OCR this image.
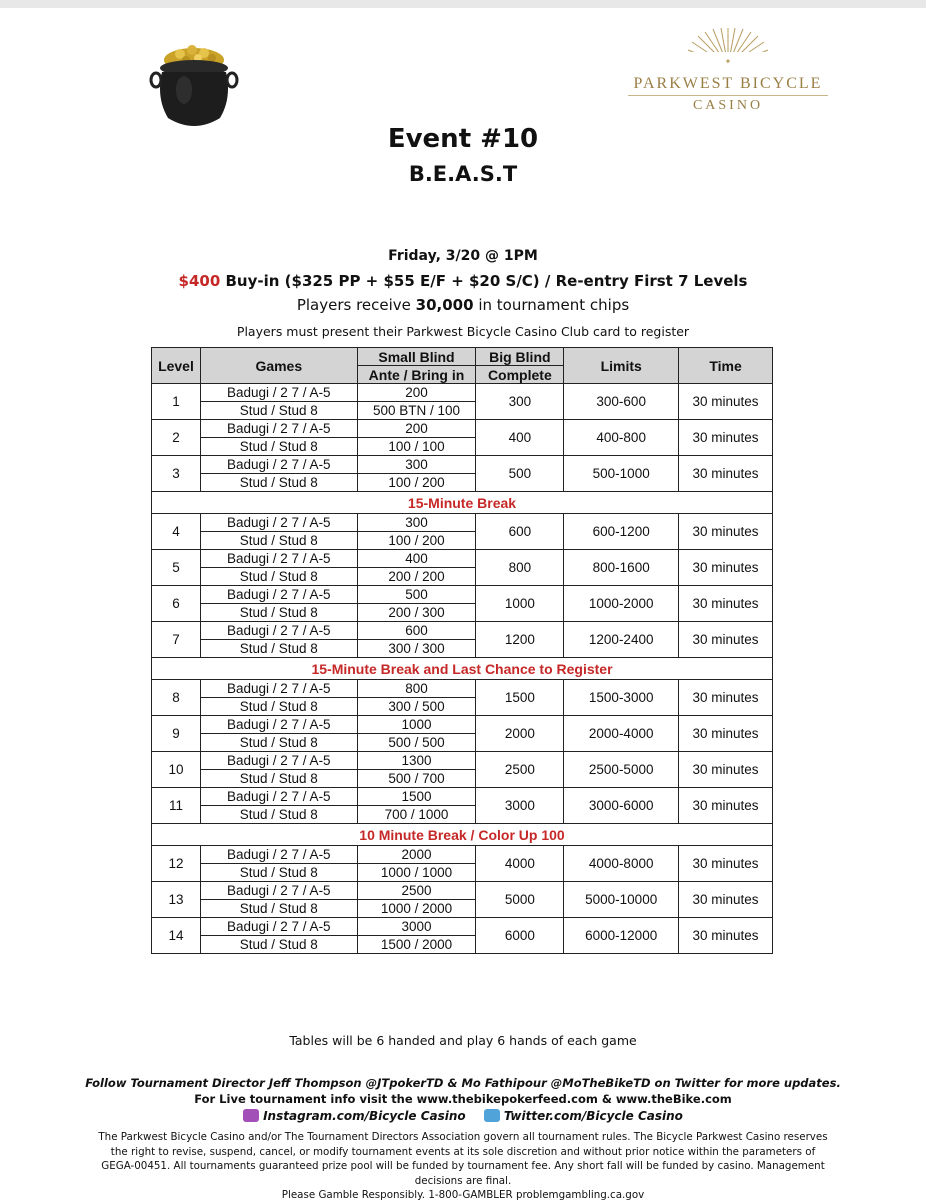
✦
PARKWEST BICYCLE
CASINO
Event #10
B.E.A.S.T
Friday, 3/20 @ 1PM
$400 Buy-in ($325 PP + $55 E/F + $20 S/C) / Re-entry First 7 Levels
Players receive 30,000 in tournament chips
Players must present their Parkwest Bicycle Casino Club card to register
Level	Games	Small Blind	Big Blind	Limits	Time
		Ante / Bring in	Complete		
1	Badugi / 2 7 / A-5	200	300	300-600	30 minutes
	Stud / Stud 8	500 BTN / 100			
2	Badugi / 2 7 / A-5	200	400	400-800	30 minutes
	Stud / Stud 8	100 / 100			
3	Badugi / 2 7 / A-5	300	500	500-1000	30 minutes
	Stud / Stud 8	100 / 200			
15-Minute Break					
4	Badugi / 2 7 / A-5	300	600	600-1200	30 minutes
	Stud / Stud 8	100 / 200			
5	Badugi / 2 7 / A-5	400	800	800-1600	30 minutes
	Stud / Stud 8	200 / 200			
6	Badugi / 2 7 / A-5	500	1000	1000-2000	30 minutes
	Stud / Stud 8	200 / 300			
7	Badugi / 2 7 / A-5	600	1200	1200-2400	30 minutes
	Stud / Stud 8	300 / 300			
15-Minute Break and Last Chance to Register					
8	Badugi / 2 7 / A-5	800	1500	1500-3000	30 minutes
	Stud / Stud 8	300 / 500			
9	Badugi / 2 7 / A-5	1000	2000	2000-4000	30 minutes
	Stud / Stud 8	500 / 500			
10	Badugi / 2 7 / A-5	1300	2500	2500-5000	30 minutes
	Stud / Stud 8	500 / 700			
11	Badugi / 2 7 / A-5	1500	3000	3000-6000	30 minutes
	Stud / Stud 8	700 / 1000			
10 Minute Break / Color Up 100					
12	Badugi / 2 7 / A-5	2000	4000	4000-8000	30 minutes
	Stud / Stud 8	1000 / 1000			
13	Badugi / 2 7 / A-5	2500	5000	5000-10000	30 minutes
	Stud / Stud 8	1000 / 2000			
14	Badugi / 2 7 / A-5	3000	6000	6000-12000	30 minutes
	Stud / Stud 8	1500 / 2000			
Tables will be 6 handed and play 6 hands of each game
Follow Tournament Director Jeff Thompson @JTpokerTD & Mo Fathipour @MoTheBikeTD on Twitter for more updates.
For Live tournament info visit the www.thebikepokerfeed.com & www.theBike.com
Instagram.com/Bicycle Casino	Twitter.com/Bicycle Casino
The Parkwest Bicycle Casino and/or The Tournament Directors Association govern all tournament rules. The Bicycle Parkwest Casino reserves the right to revise, suspend, cancel, or modify tournament events at its sole discretion and without prior notice within the parameters of GEGA-00451. All tournaments guaranteed prize pool will be funded by tournament fee. Any short fall will be funded by casino. Management decisions are final.
Please Gamble Responsibly. 1-800-GAMBLER problemgambling.ca.gov
